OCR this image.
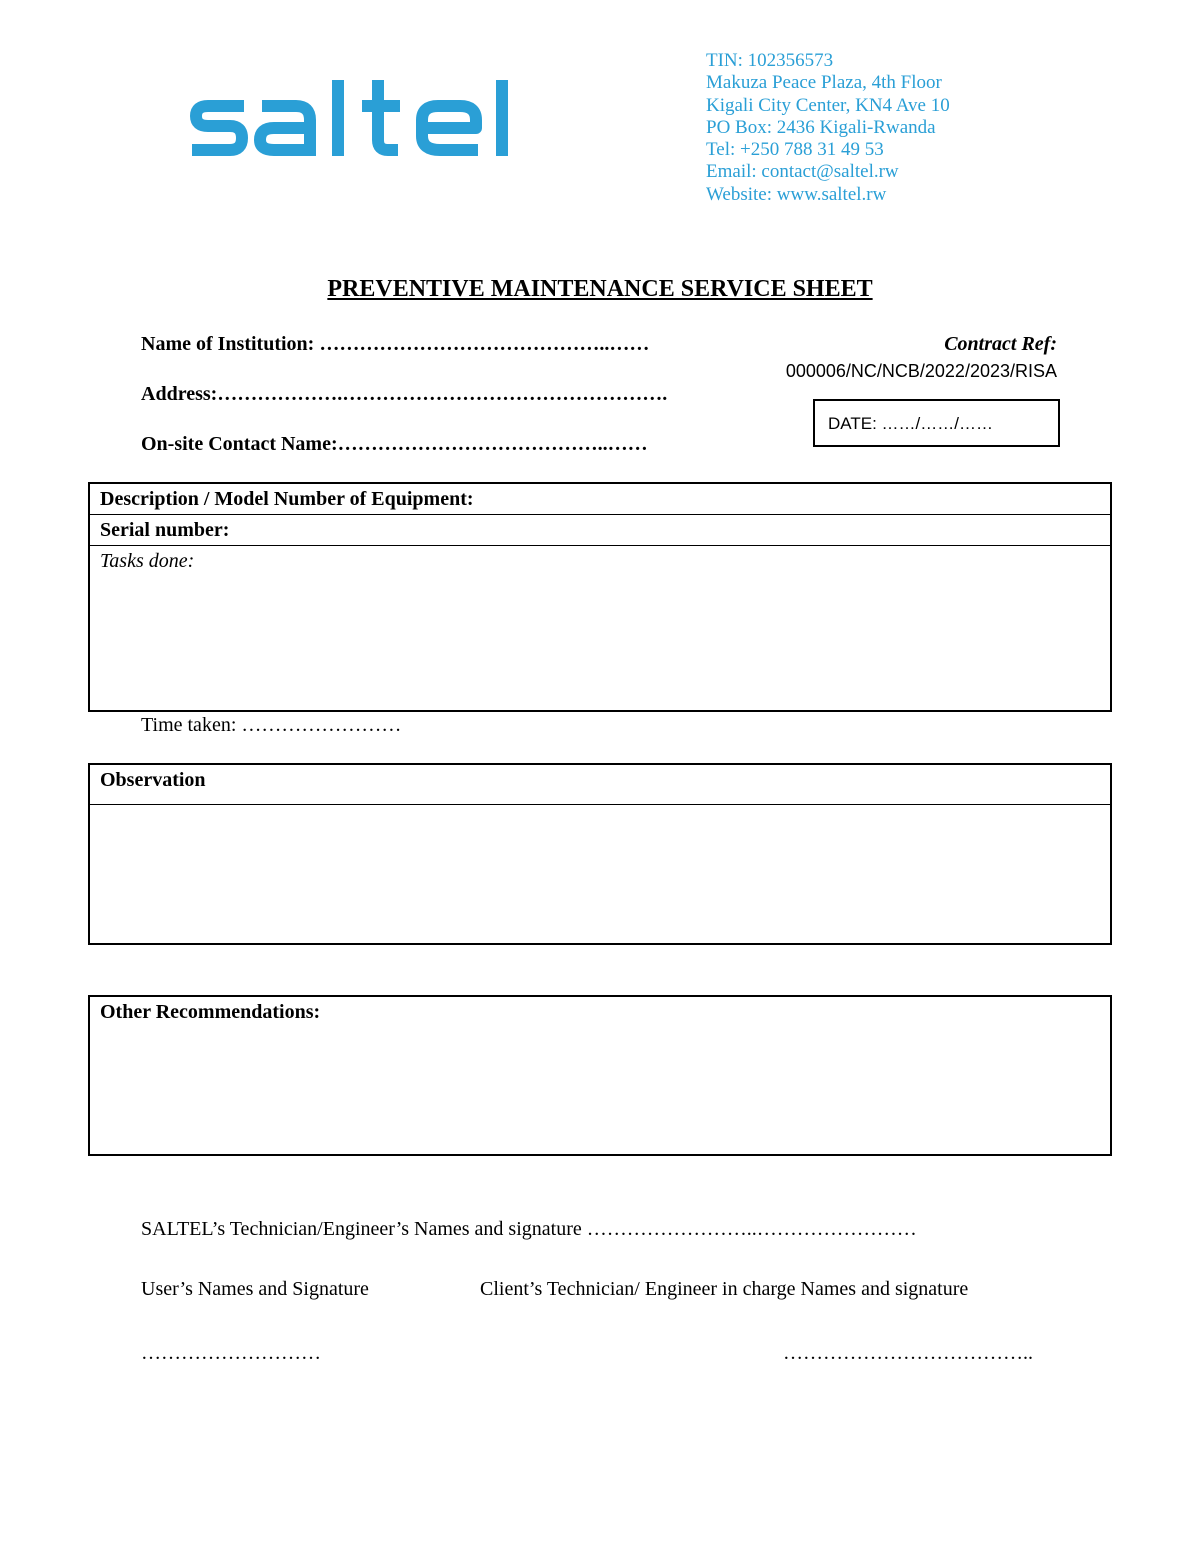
TIN: 102356573
Makuza Peace Plaza, 4th Floor
Kigali City Center, KN4 Ave 10
PO Box: 2436 Kigali-Rwanda
Tel: +250 788 31 49 53
Email: contact@saltel.rw
Website: www.saltel.rw
PREVENTIVE MAINTENANCE SERVICE SHEET
Name of Institution: ……………………………………..……
Address:……………….………………………………………….
On-site Contact Name:…………………………………..……
Contract Ref:
000006/NC/NCB/2022/2023/RISA
DATE: ……/……/……
Description / Model Number of Equipment:
Serial number:
Tasks done:
Time taken: ……………………
Observation
Other Recommendations:
SALTEL’s Technician/Engineer’s Names and signature ……………………..……………………
User’s Names and Signature	Client’s Technician/ Engineer in charge Names and signature
………………………	………………………………..
